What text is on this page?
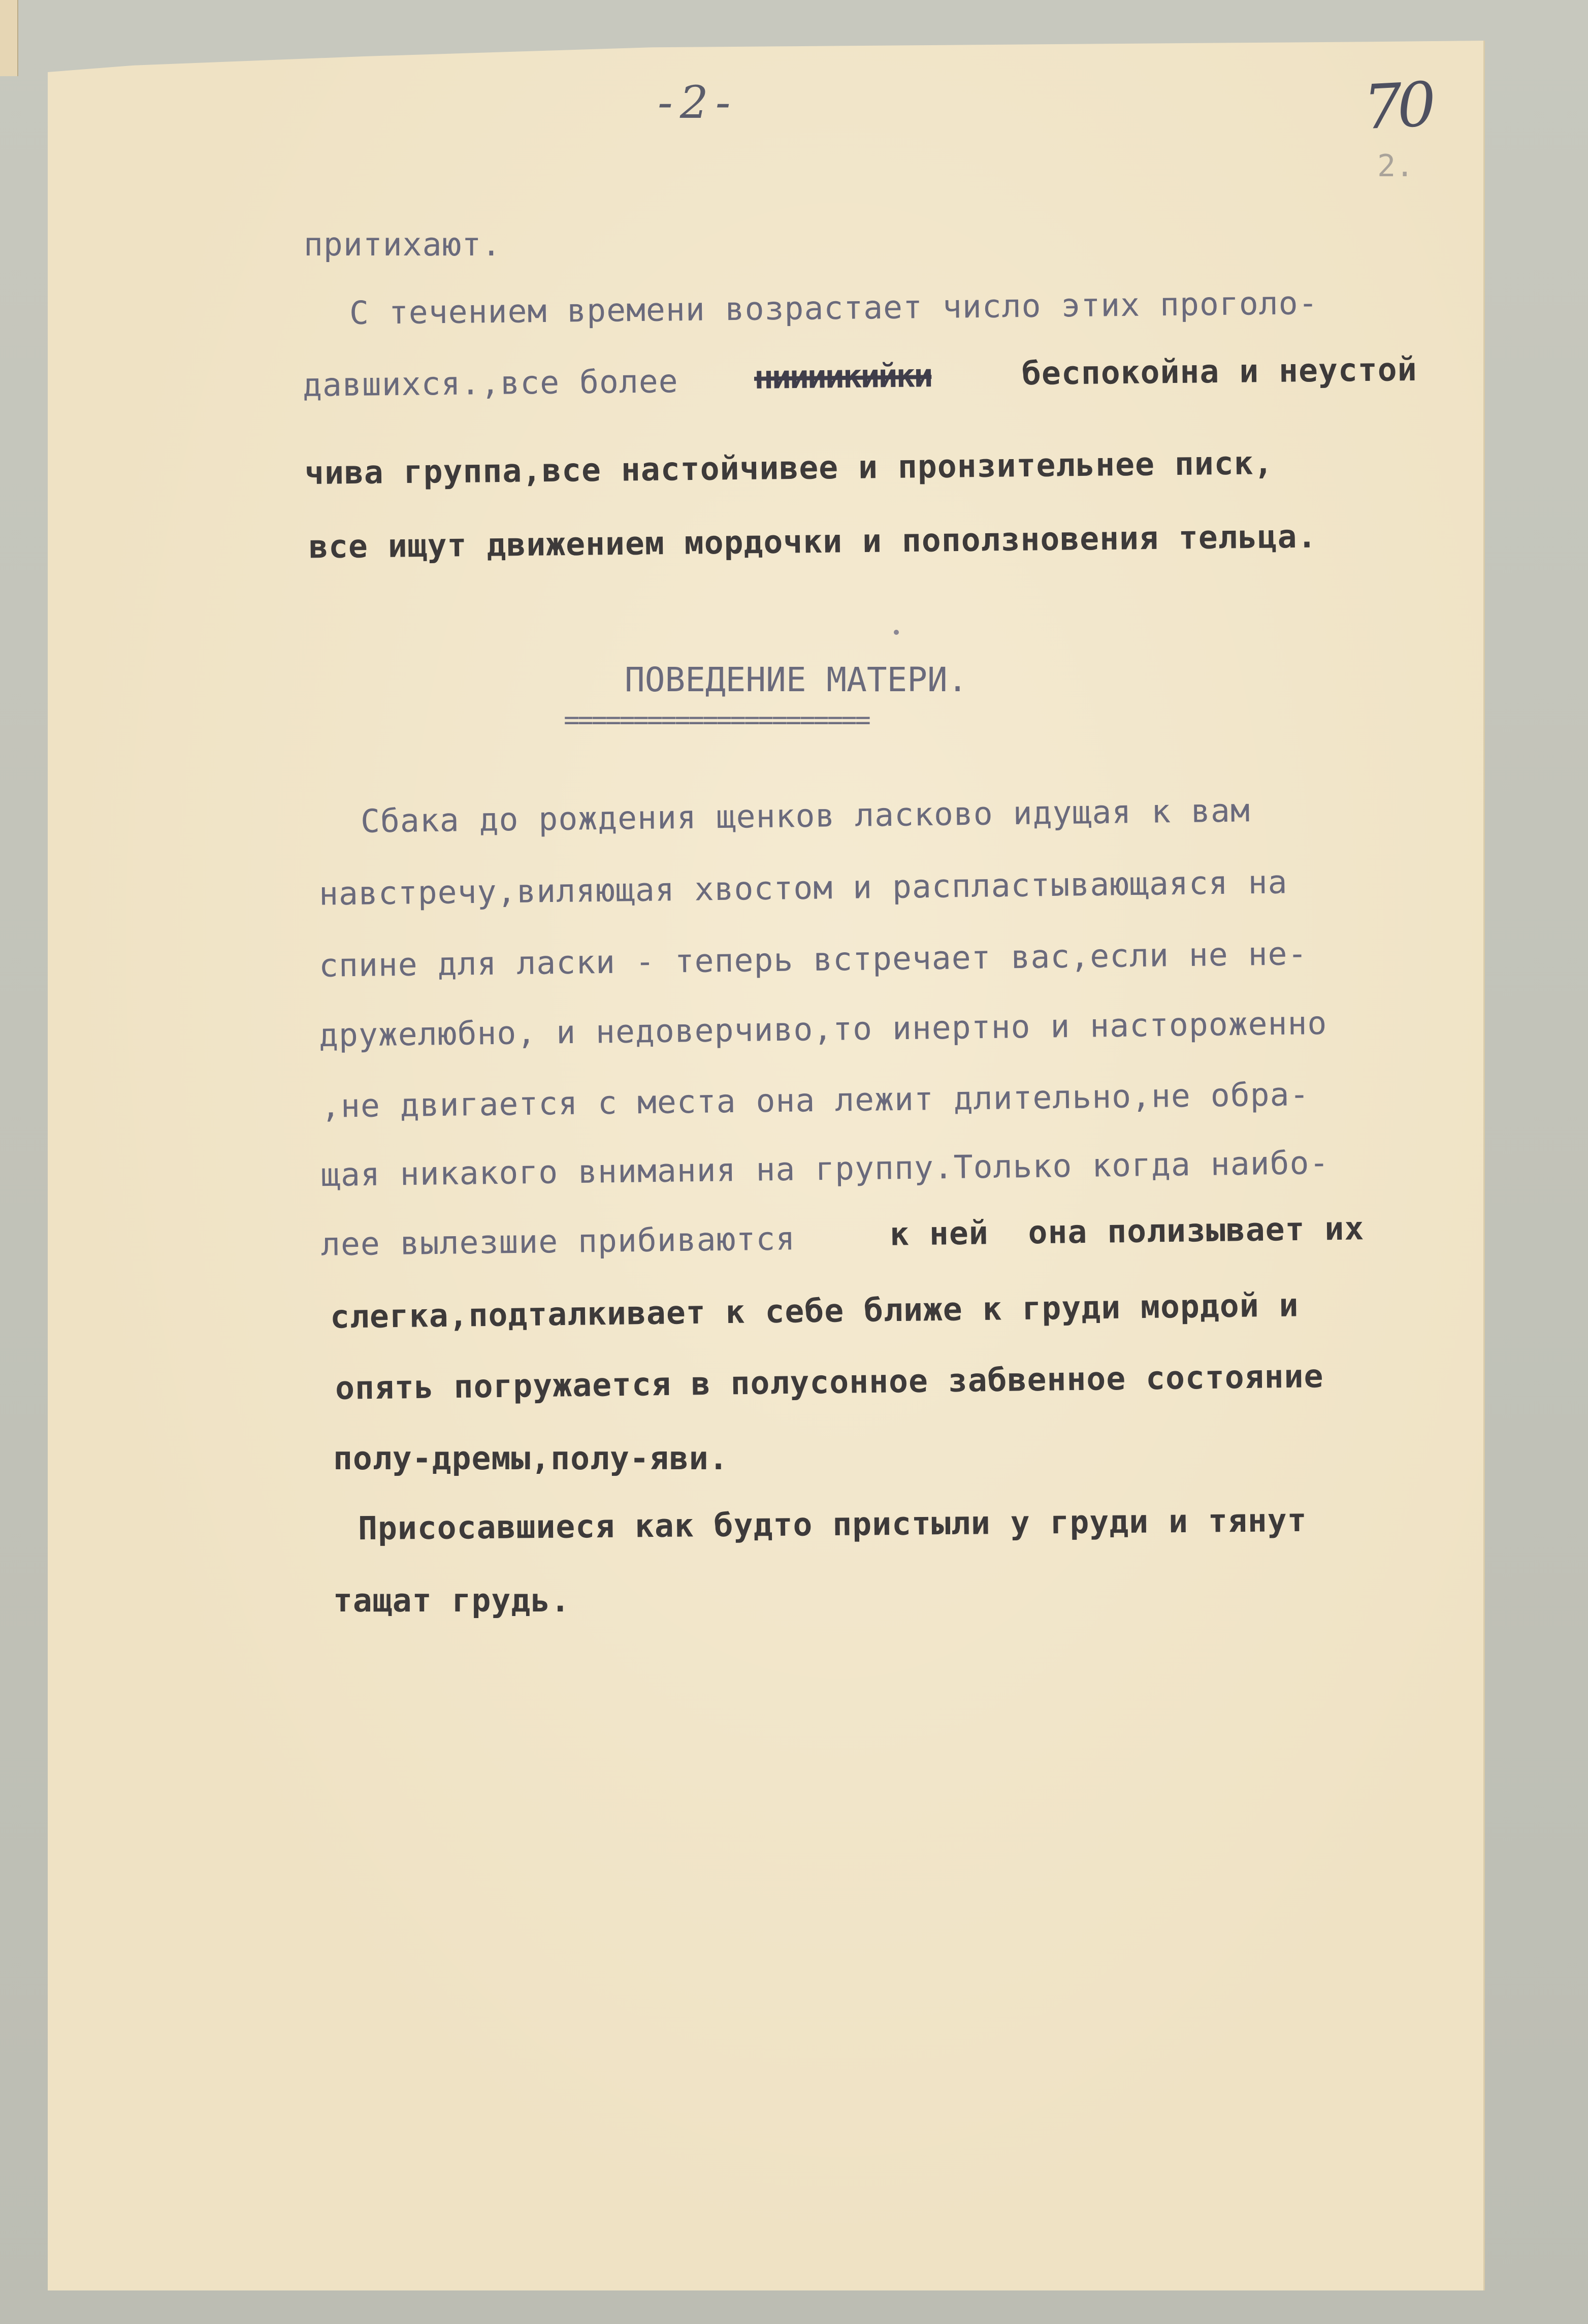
-2-	70
2.
притихают.
С течением времени возрастает число этих проголо-
давшихся.,все более ниииикийки	беспокойна и неустой
чива группа,все настойчивее и пронзительнее писк,
все ищут движением мордочки и поползновения тельца.
ПОВЕДЕНИЕ МАТЕРИ.
======================
Сбака до рождения щенков ласково идущая к вам
навстречу,виляющая хвостом и распластывающаяся на
спине для ласки - теперь встречает вас,если не не-
дружелюбно, и недоверчиво,то инертно и настороженно
,не двигается с места она лежит длительно,не обра-
щая никакого внимания на группу.Только когда наибо-
лее вылезшие прибиваются	к ней  она полизывает их
слегка,подталкивает к себе ближе к груди мордой и
опять погружается в полусонное забвенное состояние
полу-дремы,полу-яви.
Присосавшиеся как будто пристыли у груди и тянут
тащат грудь.
